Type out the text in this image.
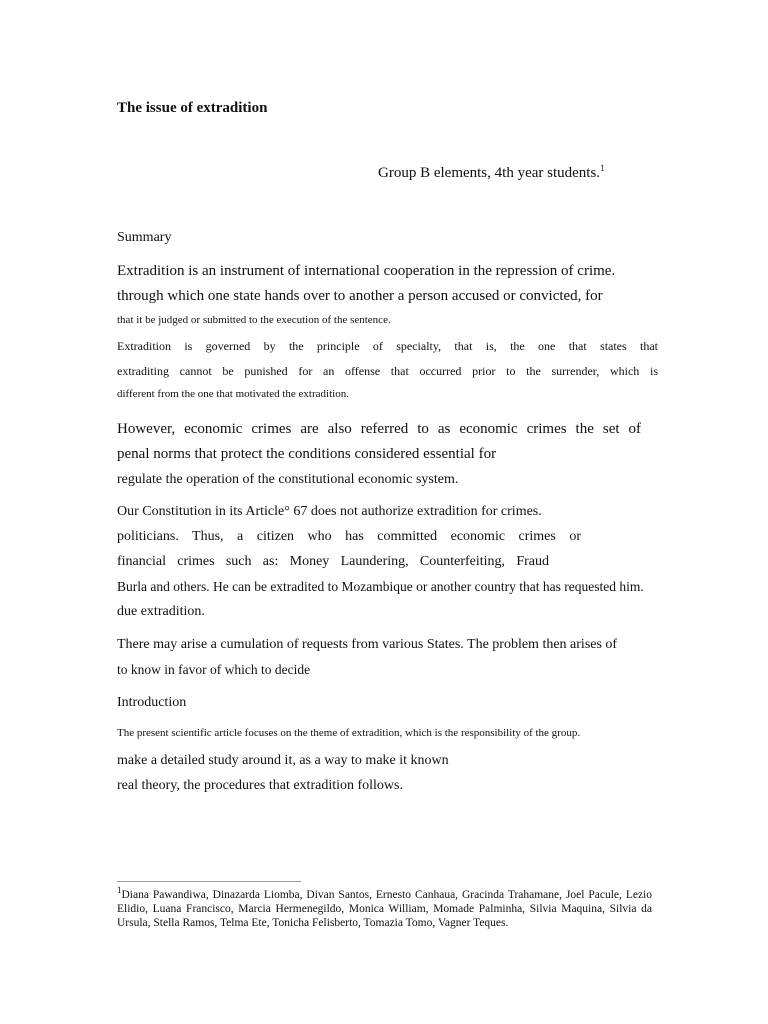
The issue of extradition
Group B elements, 4th year students.$^1$
Summary
Extradition is an instrument of international cooperation in the repression of crime.
through which one state hands over to another a person accused or convicted, for
that it be judged or submitted to the execution of the sentence.
Extradition is governed by the principle of specialty, that is, the one that states that
extraditing cannot be punished for an offense that occurred prior to the surrender, which is
different from the one that motivated the extradition.
However, economic crimes are also referred to as economic crimes the set of
penal norms that protect the conditions considered essential for
regulate the operation of the constitutional economic system.
Our Constitution in its Article° 67 does not authorize extradition for crimes.
politicians. Thus, a citizen who has committed economic crimes or
financial crimes such as: Money Laundering, Counterfeiting, Fraud
Burla and others. He can be extradited to Mozambique or another country that has requested him.
due extradition.
There may arise a cumulation of requests from various States. The problem then arises of
to know in favor of which to decide
Introduction
The present scientific article focuses on the theme of extradition, which is the responsibility of the group.
make a detailed study around it, as a way to make it known
real theory, the procedures that extradition follows.
$^1$Diana Pawandiwa, Dinazarda Liomba, Divan Santos, Ernesto Canhaua, Gracinda Trahamane, Joel Pacule, Lezio Elidio, Luana Francisco, Marcia Hermenegildo, Monica William, Momade Palminha, Silvia Maquina, Silvia da Ursula, Stella Ramos, Telma Ete, Tonicha Felisberto, Tomazia Tomo, Vagner Teques.
